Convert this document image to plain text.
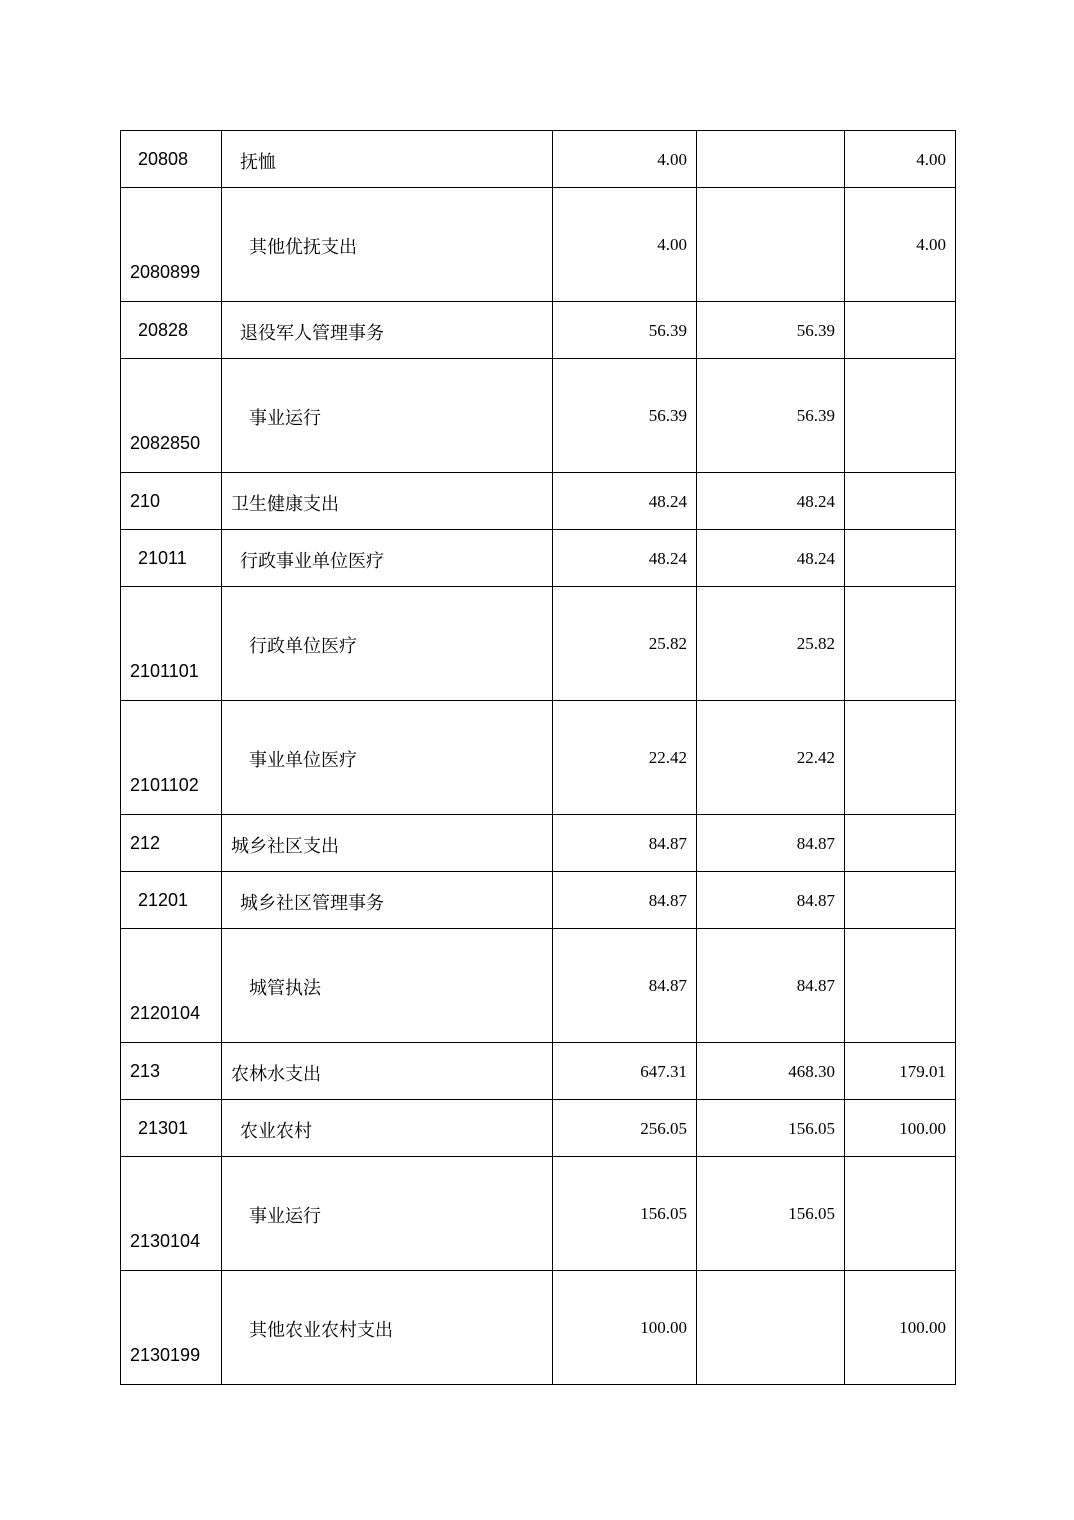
20808	抚恤	4.00		4.00

2080899	其他优抚支出	4.00		4.00

20828	退役军人管理事务	56.39	56.39	

2082850	事业运行	56.39	56.39	

210	卫生健康支出	48.24	48.24	

21011	行政事业单位医疗	48.24	48.24	

2101101	行政单位医疗	25.82	25.82	

2101102	事业单位医疗	22.42	22.42	

212	城乡社区支出	84.87	84.87	

21201	城乡社区管理事务	84.87	84.87	

2120104	城管执法	84.87	84.87	

213	农林水支出	647.31	468.30	179.01

21301	农业农村	256.05	156.05	100.00

2130104	事业运行	156.05	156.05	

2130199	其他农业农村支出	100.00		100.00
